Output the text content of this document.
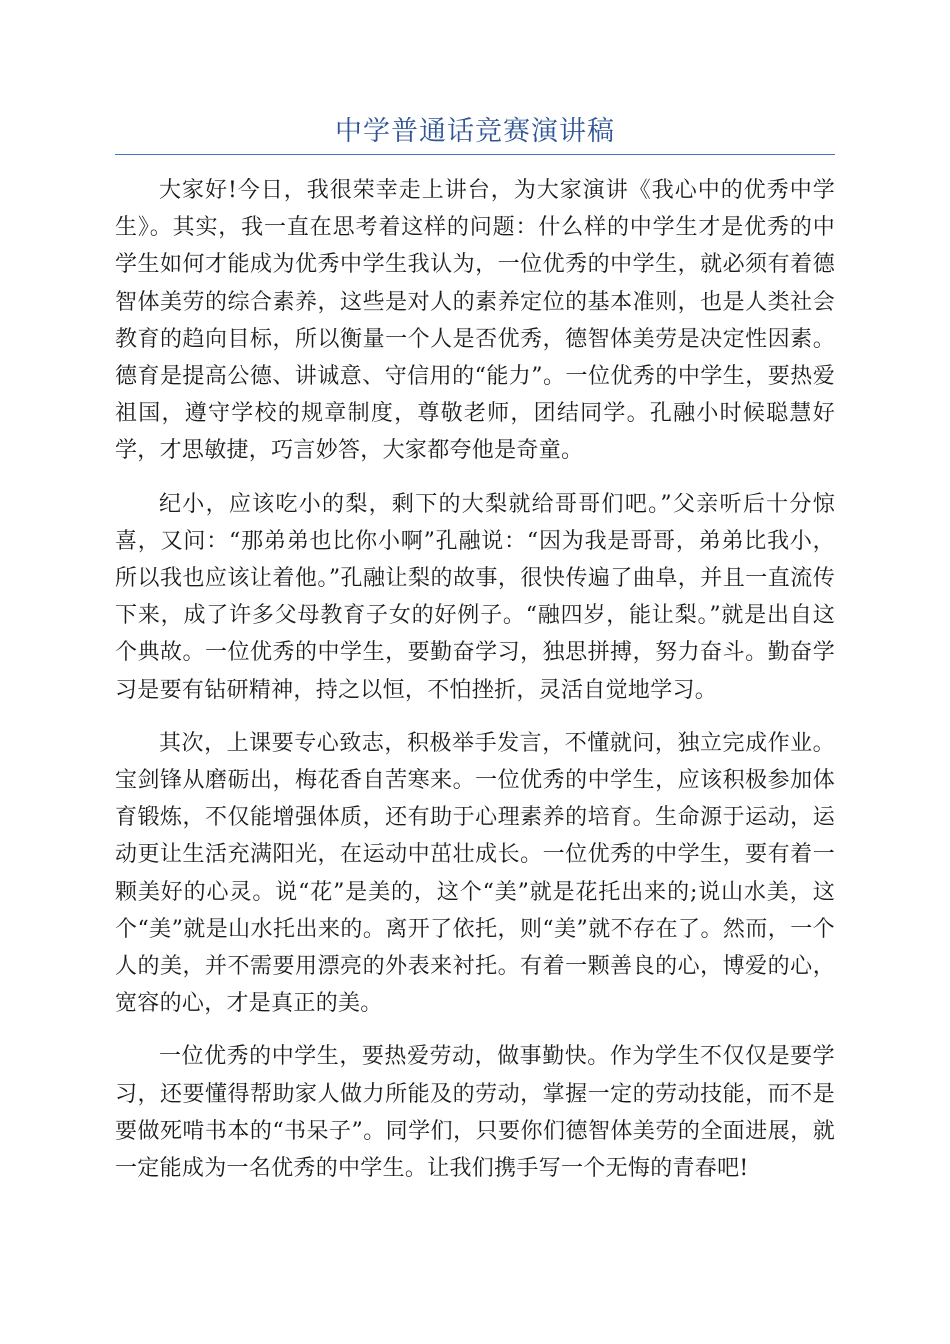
中学普通话竞赛演讲稿

大家好!今日，我很荣幸走上讲台，为大家演讲《我心中的优秀中学生》。其实，我一直在思考着这样的问题：什么样的中学生才是优秀的中学生如何才能成为优秀中学生我认为，一位优秀的中学生，就必须有着德智体美劳的综合素养，这些是对人的素养定位的基本准则，也是人类社会教育的趋向目标，所以衡量一个人是否优秀，德智体美劳是决定性因素。德育是提高公德、讲诚意、守信用的“能力”。一位优秀的中学生，要热爱祖国，遵守学校的规章制度，尊敬老师，团结同学。孔融小时候聪慧好学，才思敏捷，巧言妙答，大家都夸他是奇童。

纪小，应该吃小的梨，剩下的大梨就给哥哥们吧。”父亲听后十分惊喜，又问：“那弟弟也比你小啊”孔融说：“因为我是哥哥，弟弟比我小，所以我也应该让着他。”孔融让梨的故事，很快传遍了曲阜，并且一直流传下来，成了许多父母教育子女的好例子。“融四岁，能让梨。”就是出自这个典故。一位优秀的中学生，要勤奋学习，独思拼搏，努力奋斗。勤奋学习是要有钻研精神，持之以恒，不怕挫折，灵活自觉地学习。

其次，上课要专心致志，积极举手发言，不懂就问，独立完成作业。宝剑锋从磨砺出，梅花香自苦寒来。一位优秀的中学生，应该积极参加体育锻炼，不仅能增强体质，还有助于心理素养的培育。生命源于运动，运动更让生活充满阳光，在运动中茁壮成长。一位优秀的中学生，要有着一颗美好的心灵。说“花”是美的，这个“美”就是花托出来的;说山水美，这个“美”就是山水托出来的。离开了依托，则“美”就不存在了。然而，一个人的美，并不需要用漂亮的外表来衬托。有着一颗善良的心，博爱的心，宽容的心，才是真正的美。

一位优秀的中学生，要热爱劳动，做事勤快。作为学生不仅仅是要学习，还要懂得帮助家人做力所能及的劳动，掌握一定的劳动技能，而不是要做死啃书本的“书呆子”。同学们，只要你们德智体美劳的全面进展，就一定能成为一名优秀的中学生。让我们携手写一个无悔的青春吧!
